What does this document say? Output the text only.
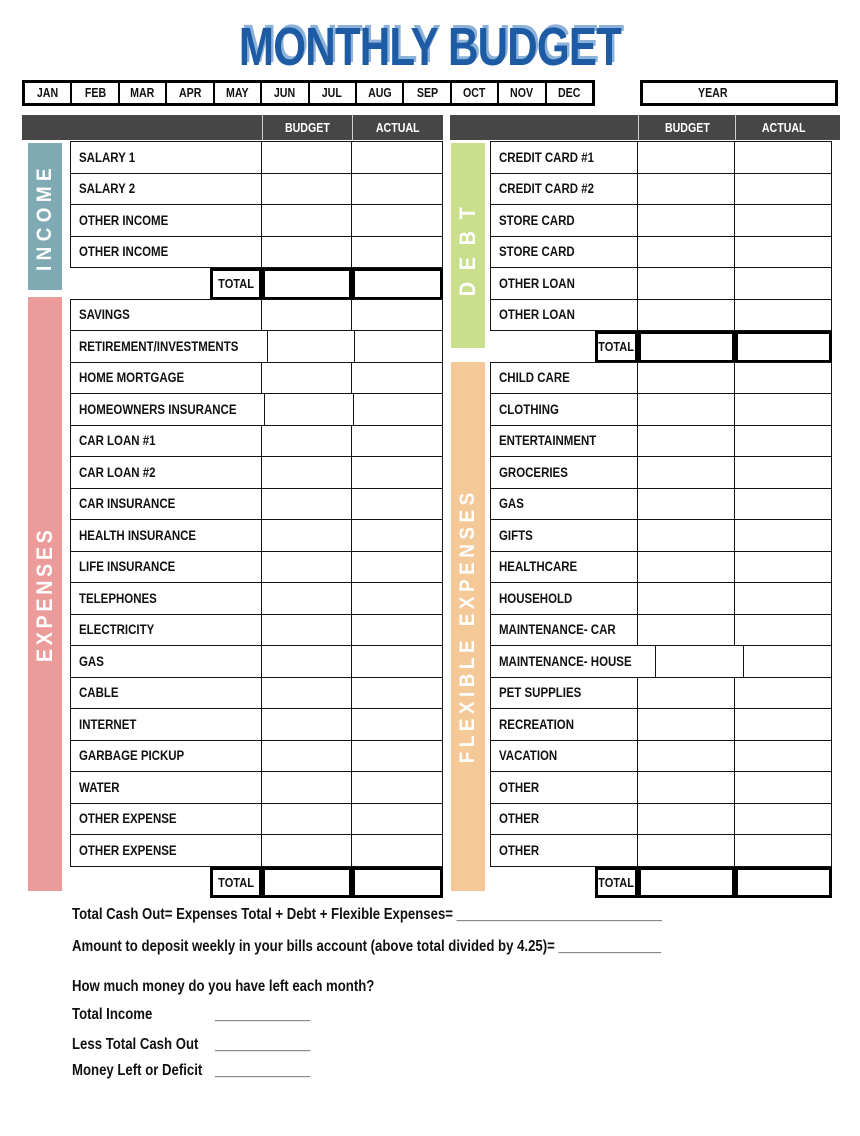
MONTHLY BUDGET
JAN FEB MAR APR MAY JUN JUL AUG SEP OCT NOV DEC	YEAR
BUDGET	ACTUAL	BUDGET	ACTUAL
INCOME
EXPENSES
DEBT
FLEXIBLE EXPENSES
SALARY 1
SALARY 2
OTHER INCOME
OTHER INCOME
TOTAL
SAVINGS
RETIREMENT/INVESTMENTS
HOME MORTGAGE
HOMEOWNERS INSURANCE
CAR LOAN #1
CAR LOAN #2
CAR INSURANCE
HEALTH INSURANCE
LIFE INSURANCE
TELEPHONES
ELECTRICITY
GAS
CABLE
INTERNET
GARBAGE PICKUP
WATER
OTHER EXPENSE
OTHER EXPENSE
TOTAL
CREDIT CARD #1
CREDIT CARD #2
STORE CARD
STORE CARD
OTHER LOAN
OTHER LOAN
TOTAL
CHILD CARE
CLOTHING
ENTERTAINMENT
GROCERIES
GAS
GIFTS
HEALTHCARE
HOUSEHOLD
MAINTENANCE- CAR
MAINTENANCE- HOUSE
PET SUPPLIES
RECREATION
VACATION
OTHER
OTHER
OTHER
TOTAL
Total Cash Out= Expenses Total + Debt + Flexible Expenses= ____________________________
Amount to deposit weekly in your bills account (above total divided by 4.25)= ______________
How much money do you have left each month?
Total Income	_____________
Less Total Cash Out	_____________
Money Left or Deficit _____________
